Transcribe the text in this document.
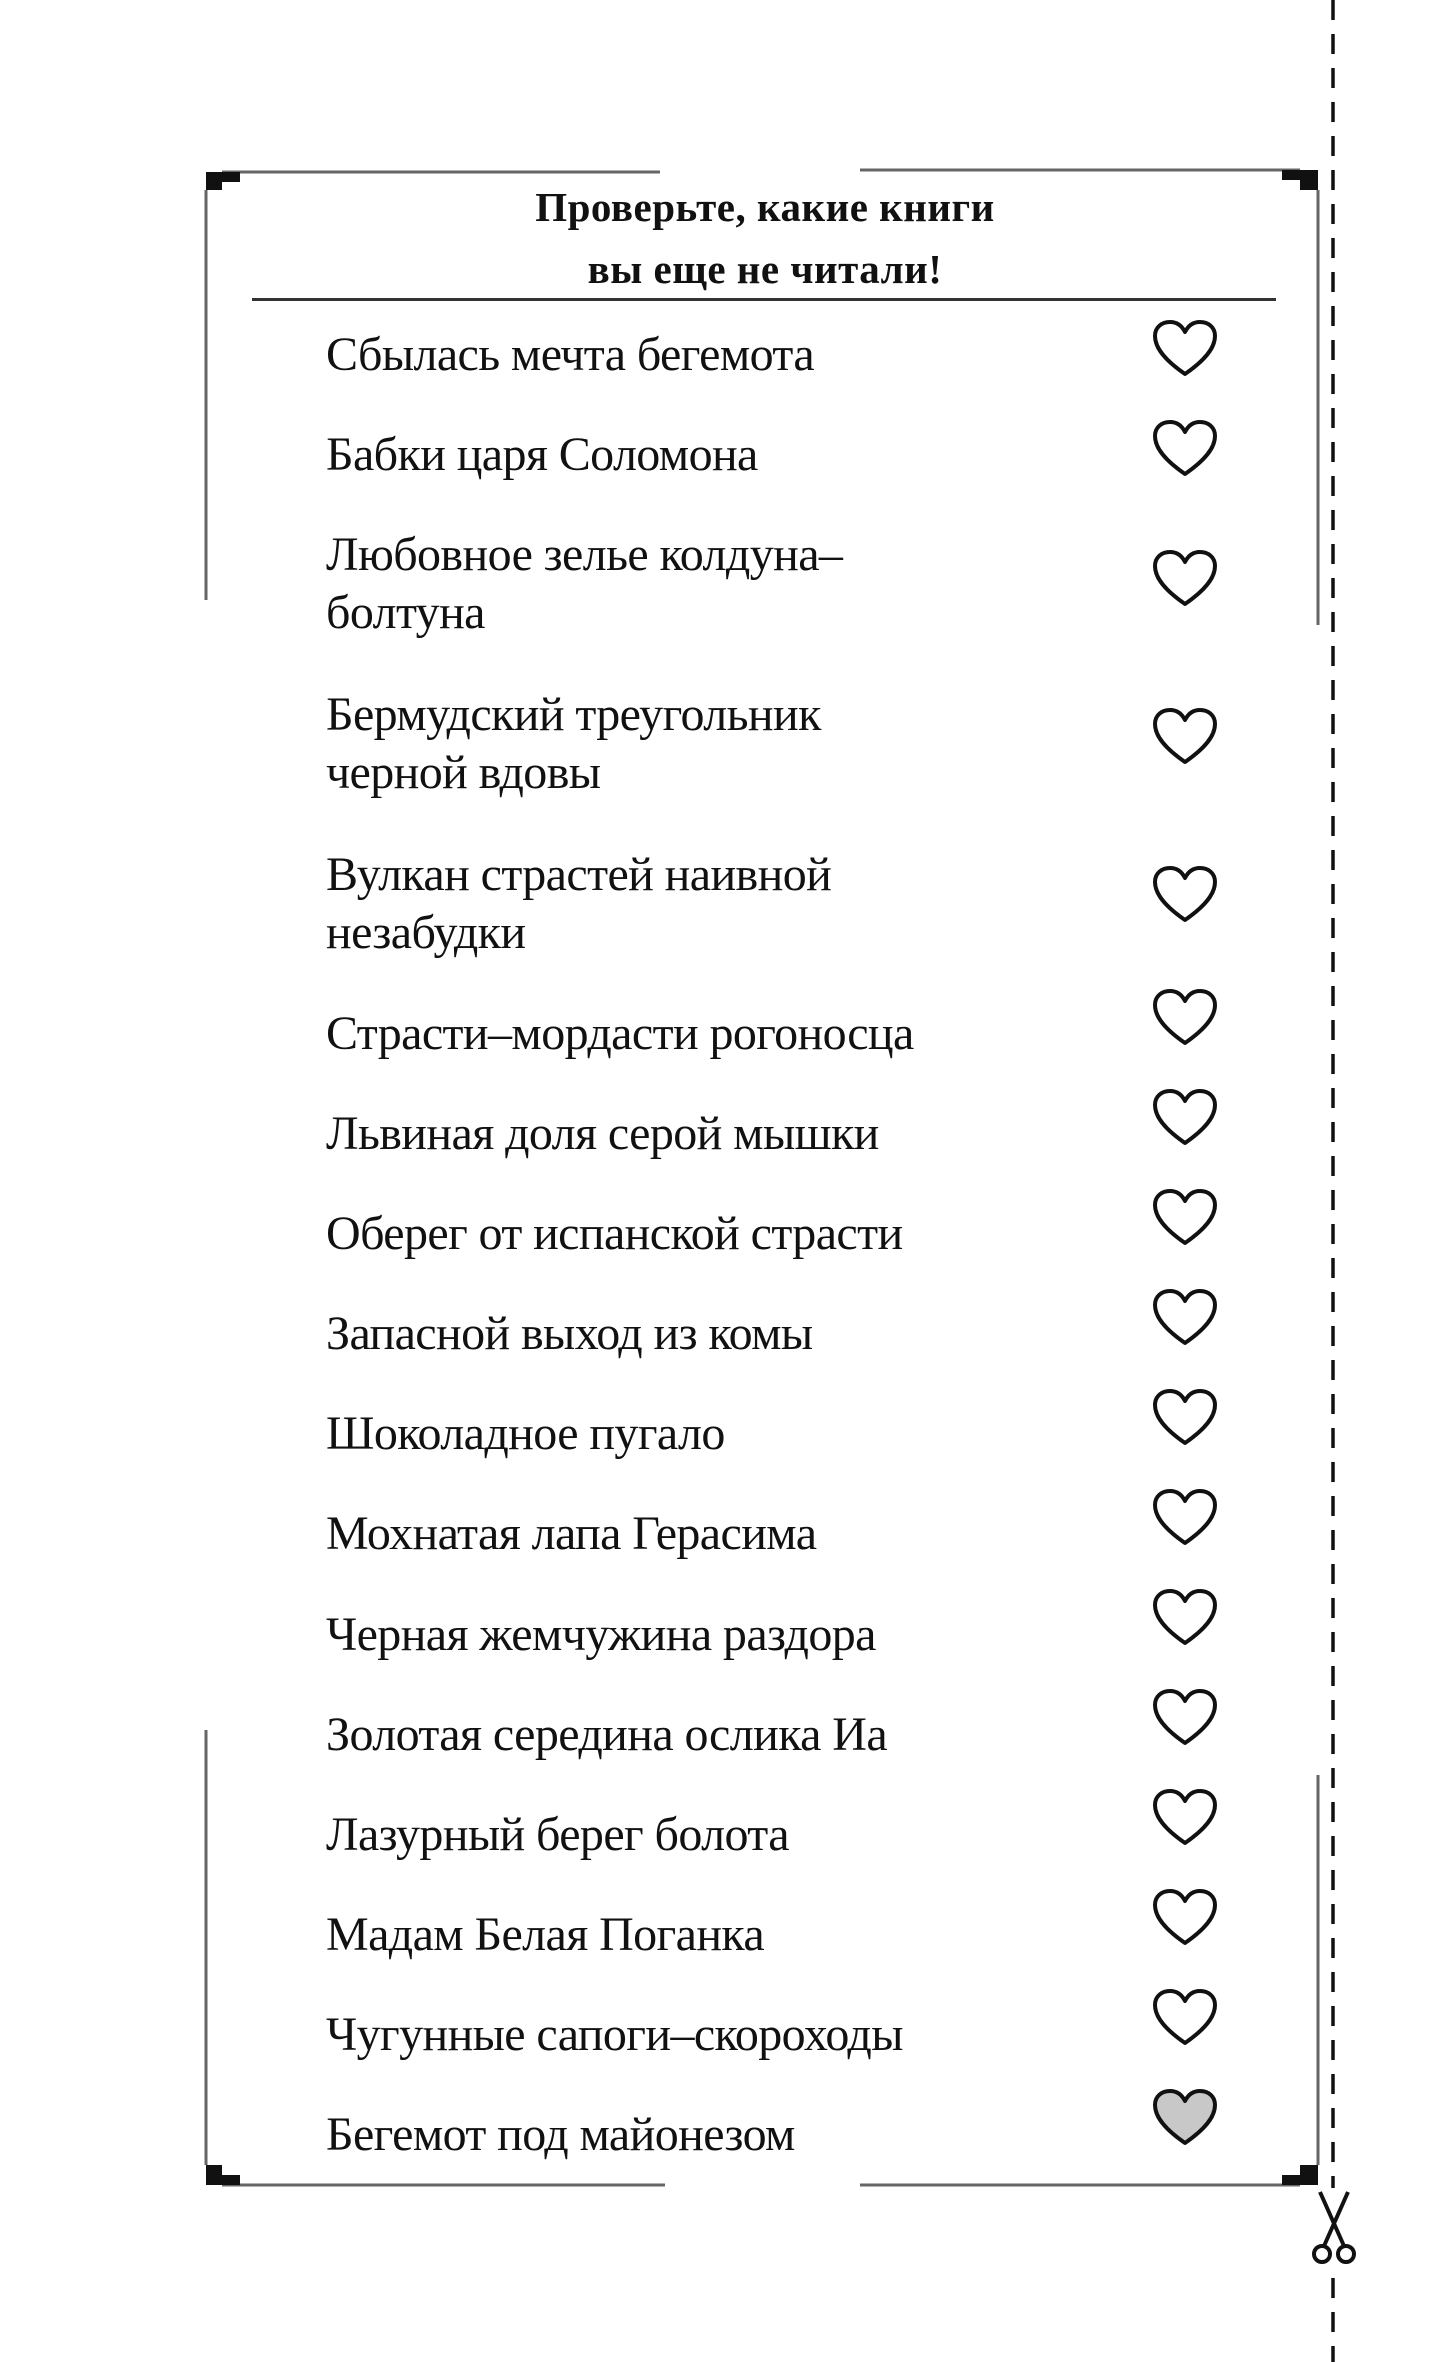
Проверьте, какие книги
вы еще не читали!
Сбылась мечта бегемота
Бабки царя Соломона
Любовное зелье колдуна–
болтуна
Бермудский треугольник
черной вдовы
Вулкан страстей наивной
незабудки
Страсти–мордасти рогоносца
Львиная доля серой мышки
Оберег от испанской страсти
Запасной выход из комы
Шоколадное пугало
Мохнатая лапа Герасима
Черная жемчужина раздора
Золотая середина ослика Иа
Лазурный берег болота
Мадам Белая Поганка
Чугунные сапоги–скороходы
Бегемот под майонезом
